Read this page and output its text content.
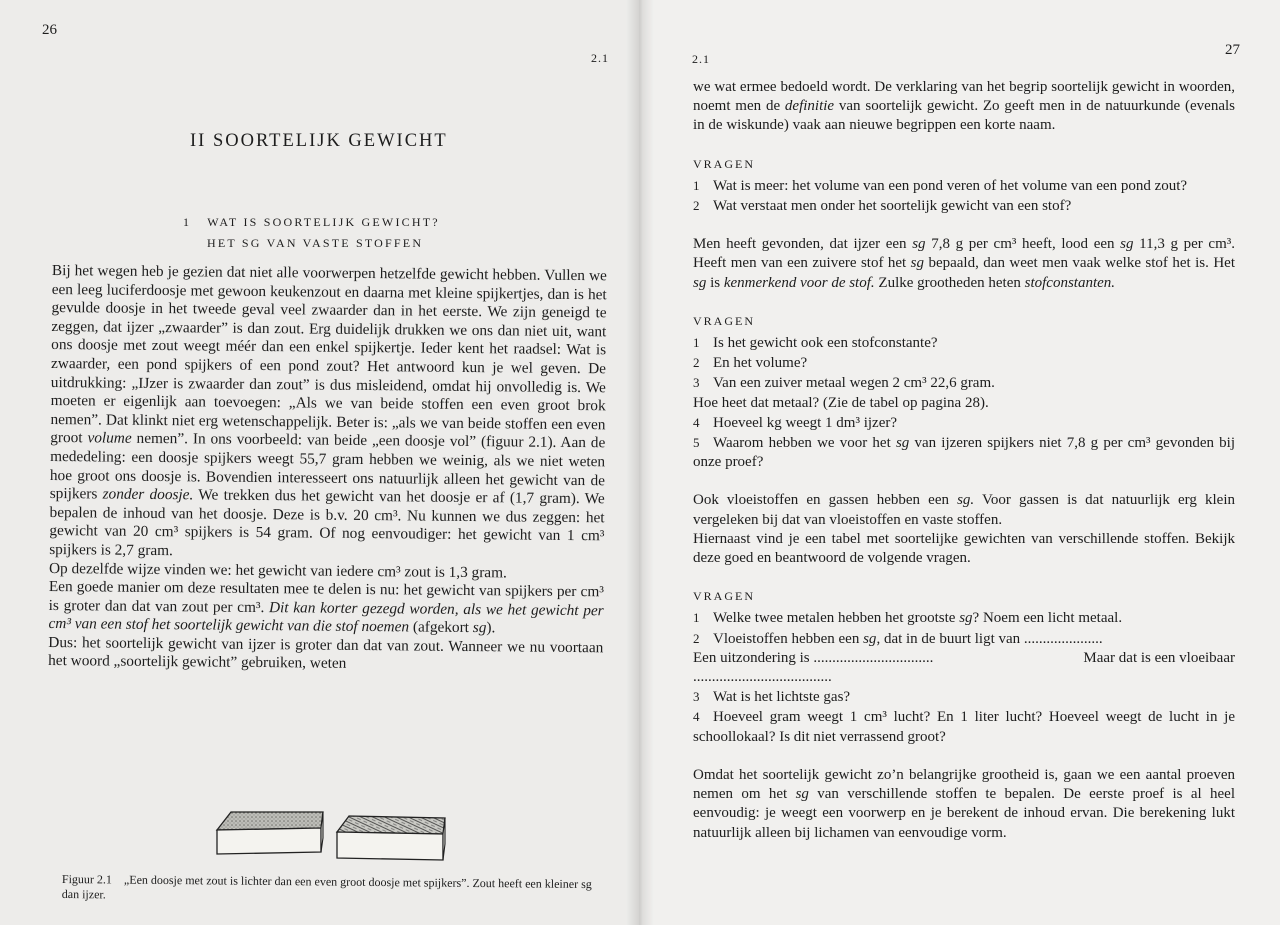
26
2.1
II SOORTELIJK GEWICHT
1 WAT IS SOORTELIJK GEWICHT?
HET SG VAN VASTE STOFFEN

Bij het wegen heb je gezien dat niet alle voorwerpen hetzelfde gewicht hebben. Vullen we een leeg luciferdoosje met gewoon keukenzout en daarna met kleine spijkertjes, dan is het gevulde doosje in het tweede geval veel zwaarder dan in het eerste. We zijn geneigd te zeggen, dat ijzer „zwaarder” is dan zout. Erg duidelijk drukken we ons dan niet uit, want ons doosje met zout weegt méér dan een enkel spijkertje. Ieder kent het raadsel: Wat is zwaarder, een pond spijkers of een pond zout? Het antwoord kun je wel geven. De uitdrukking: „IJzer is zwaarder dan zout” is dus misleidend, omdat hij onvolledig is. We moeten er eigenlijk aan toevoegen: „Als we van beide stoffen een even groot brok nemen”. Dat klinkt niet erg wetenschappelijk. Beter is: „als we van beide stoffen een even groot volume nemen”. In ons voorbeeld: van beide „een doosje vol” (figuur 2.1). Aan de mededeling: een doosje spijkers weegt 55,7 gram hebben we weinig, als we niet weten hoe groot ons doosje is. Bovendien interesseert ons natuurlijk alleen het gewicht van de spijkers zonder doosje. We trekken dus het gewicht van het doosje er af (1,7 gram). We bepalen de inhoud van het doosje. Deze is b.v. 20 cm³. Nu kunnen we dus zeggen: het gewicht van 20 cm³ spijkers is 54 gram. Of nog eenvoudiger: het gewicht van 1 cm³ spijkers is 2,7 gram.

Op dezelfde wijze vinden we: het gewicht van iedere cm³ zout is 1,3 gram.

Een goede manier om deze resultaten mee te delen is nu: het gewicht van spijkers per cm³ is groter dan dat van zout per cm³. Dit kan korter gezegd worden, als we het gewicht per cm³ van een stof het soortelijk gewicht van die stof noemen (afgekort sg).

Dus: het soortelijk gewicht van ijzer is groter dan dat van zout. Wanneer we nu voortaan het woord „soortelijk gewicht” gebruiken, weten

Figuur 2.1 „Een doosje met zout is lichter dan een even groot doosje met spijkers”. Zout heeft een kleiner sg dan ijzer.
2.1
27

we wat ermee bedoeld wordt. De verklaring van het begrip soortelijk gewicht in woorden, noemt men de definitie van soortelijk gewicht. Zo geeft men in de natuurkunde (evenals in de wiskunde) vaak aan nieuwe begrippen een korte naam.

VRAGEN

1 Wat is meer: het volume van een pond veren of het volume van een pond zout?

2 Wat verstaat men onder het soortelijk gewicht van een stof?

Men heeft gevonden, dat ijzer een sg 7,8 g per cm³ heeft, lood een sg 11,3 g per cm³. Heeft men van een zuivere stof het sg bepaald, dan weet men vaak welke stof het is. Het sg is kenmerkend voor de stof. Zulke grootheden heten stofconstanten.

VRAGEN

1 Is het gewicht ook een stofconstante?

2 En het volume?

3 Van een zuiver metaal wegen 2 cm³ 22,6 gram.

Hoe heet dat metaal? (Zie de tabel op pagina 28).

4 Hoeveel kg weegt 1 dm³ ijzer?

5 Waarom hebben we voor het sg van ijzeren spijkers niet 7,8 g per cm³ gevonden bij onze proef?

Ook vloeistoffen en gassen hebben een sg. Voor gassen is dat natuurlijk erg klein vergeleken bij dat van vloeistoffen en vaste stoffen.

Hiernaast vind je een tabel met soortelijke gewichten van verschillende stoffen. Bekijk deze goed en beantwoord de volgende vragen.

VRAGEN

1 Welke twee metalen hebben het grootste sg? Noem een licht metaal.

2 Vloeistoffen hebben een sg, dat in de buurt ligt van .....................

Een uitzondering is ................................	Maar dat is een vloeibaar

.....................................

3 Wat is het lichtste gas?

4 Hoeveel gram weegt 1 cm³ lucht? En 1 liter lucht? Hoeveel weegt de lucht in je schoollokaal? Is dit niet verrassend groot?

Omdat het soortelijk gewicht zo’n belangrijke grootheid is, gaan we een aantal proeven nemen om het sg van verschillende stoffen te bepalen. De eerste proef is al heel eenvoudig: je weegt een voorwerp en je berekent de inhoud ervan. Die berekening lukt natuurlijk alleen bij lichamen van eenvoudige vorm.
